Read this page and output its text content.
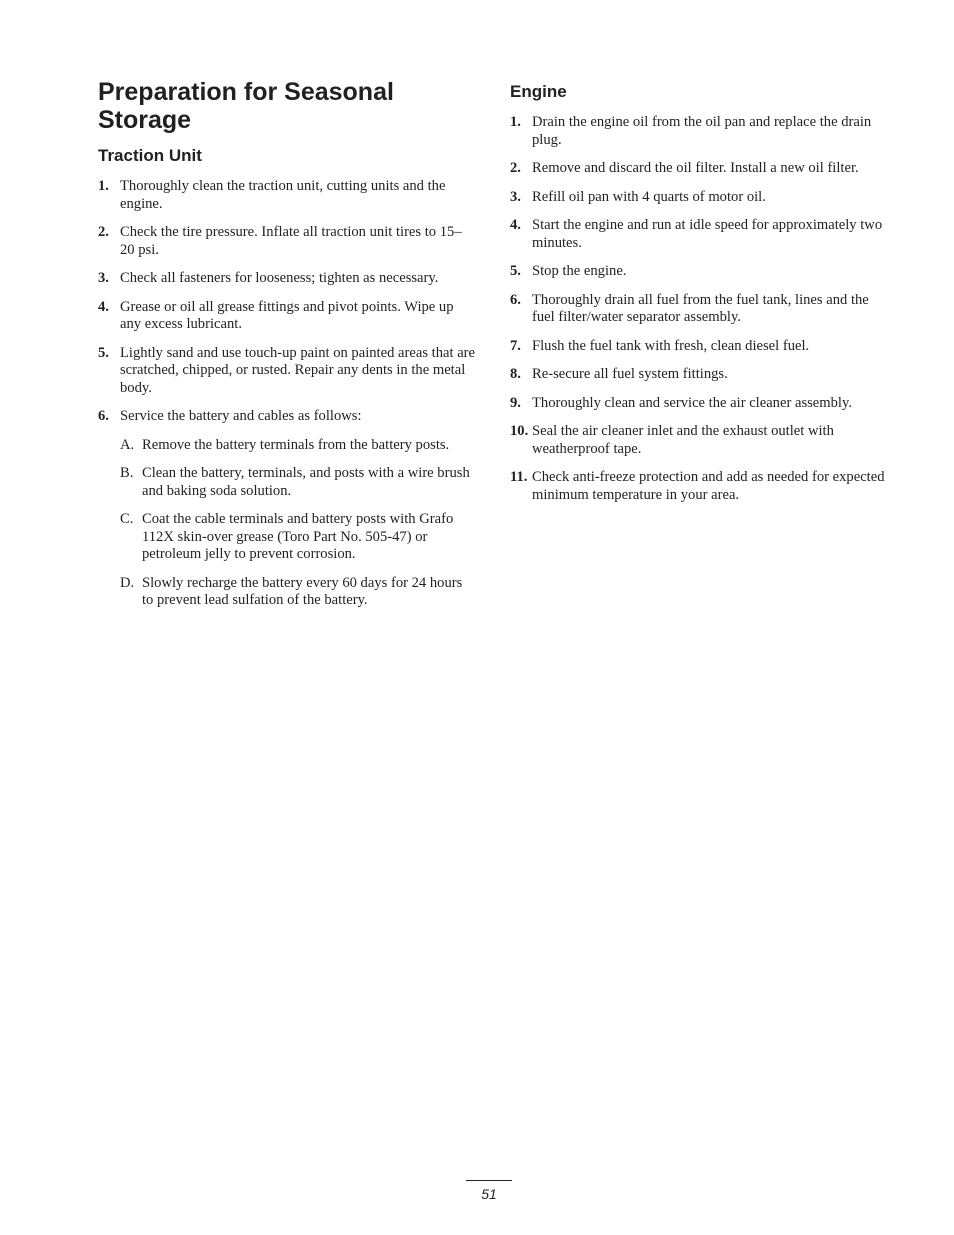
Preparation for Seasonal Storage
Traction Unit
1. Thoroughly clean the traction unit, cutting units and the engine.
2. Check the tire pressure. Inflate all traction unit tires to 15–20 psi.
3. Check all fasteners for looseness; tighten as necessary.
4. Grease or oil all grease fittings and pivot points. Wipe up any excess lubricant.
5. Lightly sand and use touch-up paint on painted areas that are scratched, chipped, or rusted. Repair any dents in the metal body.
6. Service the battery and cables as follows:
A. Remove the battery terminals from the battery posts.
B. Clean the battery, terminals, and posts with a wire brush and baking soda solution.
C. Coat the cable terminals and battery posts with Grafo 112X skin-over grease (Toro Part No. 505-47) or petroleum jelly to prevent corrosion.
D. Slowly recharge the battery every 60 days for 24 hours to prevent lead sulfation of the battery.
Engine
1. Drain the engine oil from the oil pan and replace the drain plug.
2. Remove and discard the oil filter. Install a new oil filter.
3. Refill oil pan with 4 quarts of motor oil.
4. Start the engine and run at idle speed for approximately two minutes.
5. Stop the engine.
6. Thoroughly drain all fuel from the fuel tank, lines and the fuel filter/water separator assembly.
7. Flush the fuel tank with fresh, clean diesel fuel.
8. Re-secure all fuel system fittings.
9. Thoroughly clean and service the air cleaner assembly.
10. Seal the air cleaner inlet and the exhaust outlet with weatherproof tape.
11. Check anti-freeze protection and add as needed for expected minimum temperature in your area.
51
